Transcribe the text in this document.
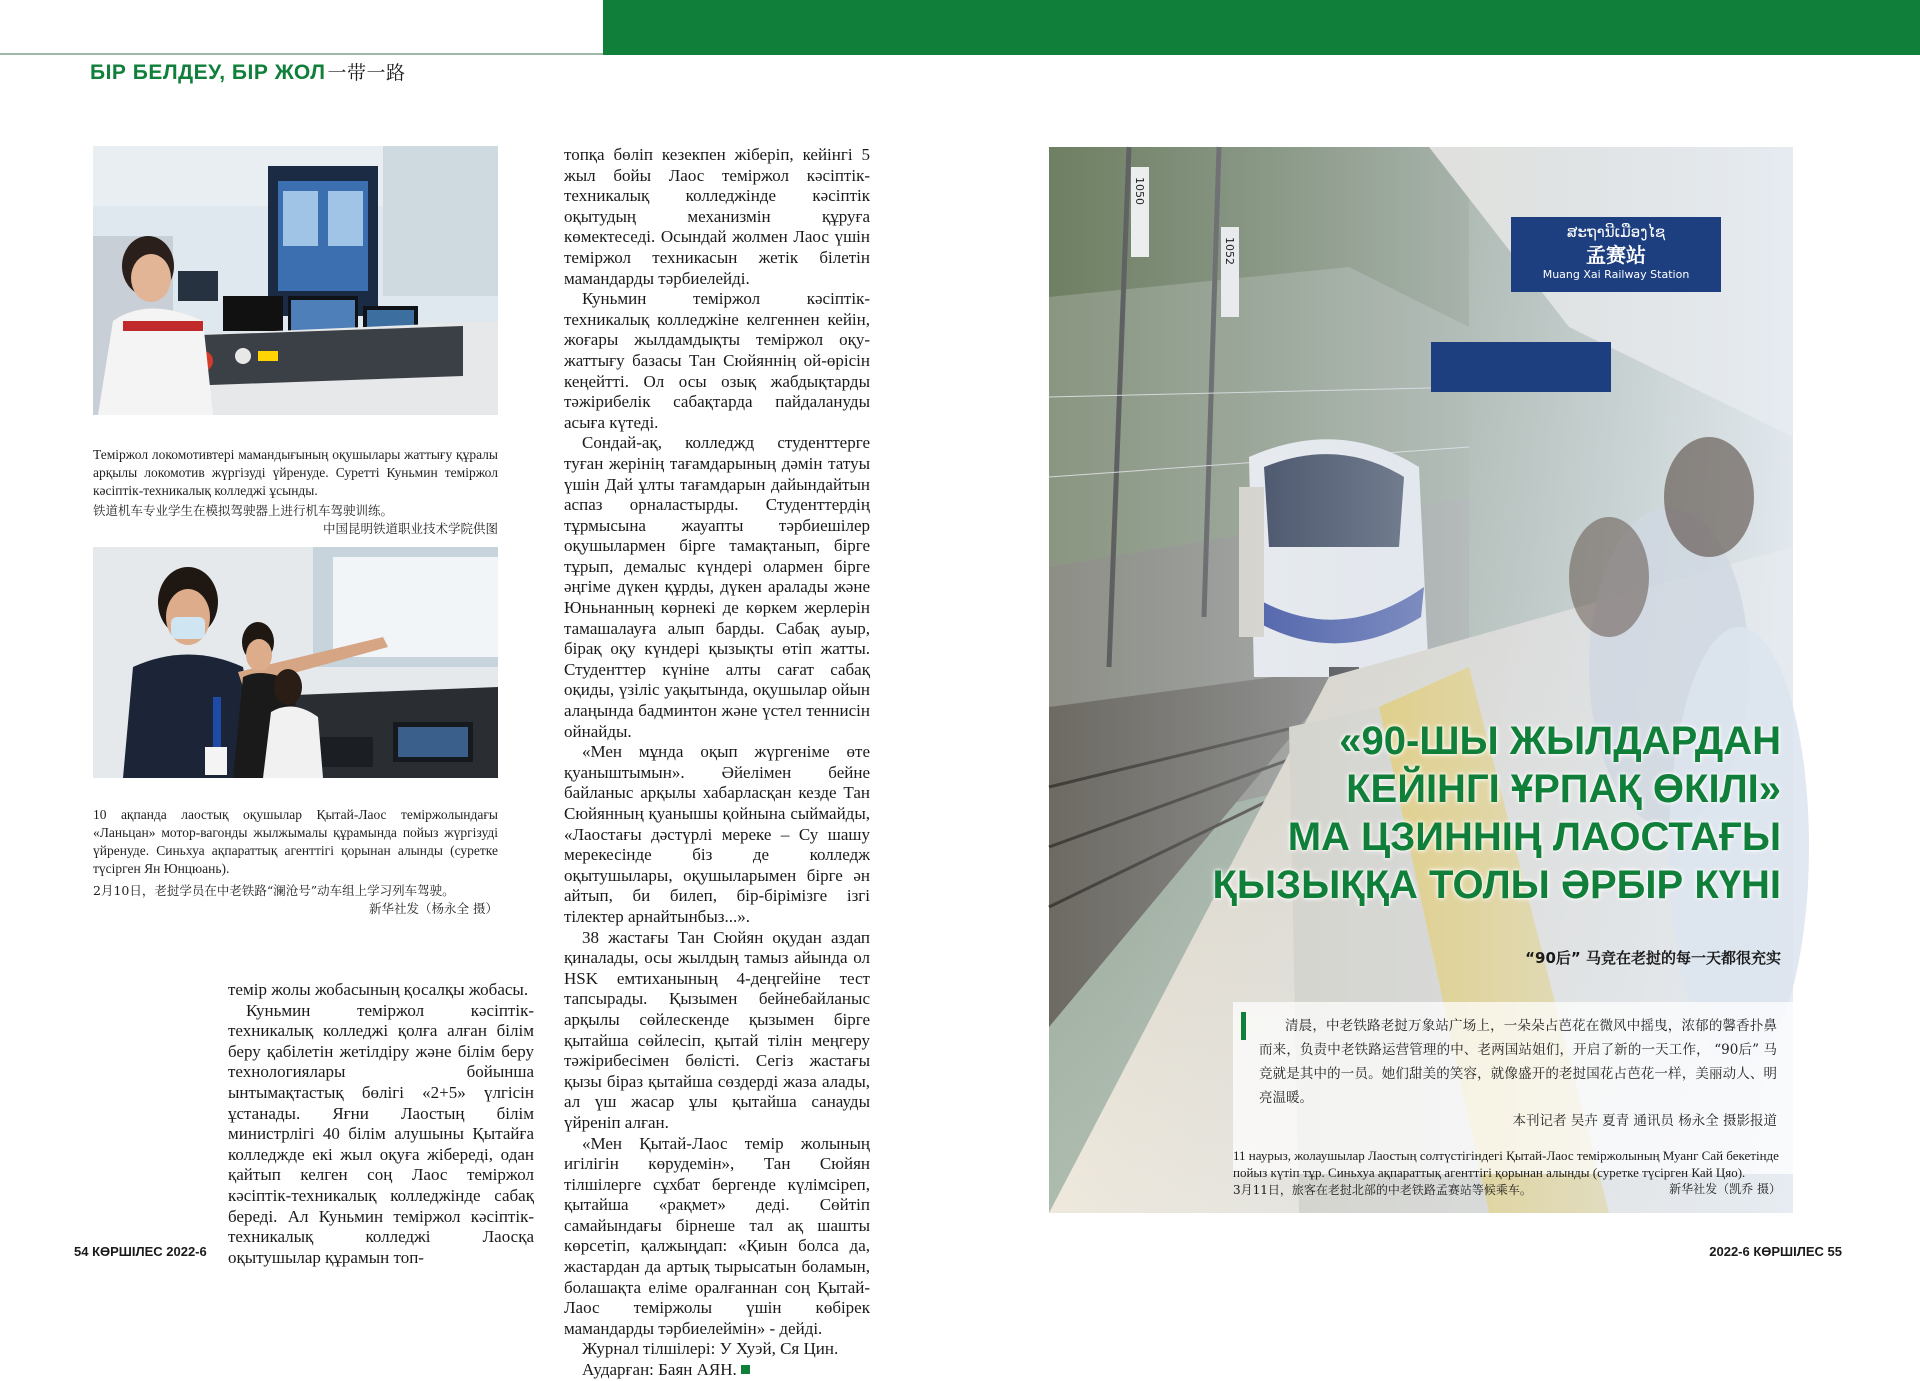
БІР БЕЛДЕУ, БІР ЖОЛ 一带一路
Теміржол локомотивтері мамандығының оқушылары жаттығу құралы арқылы локомотив жүргізуді үйренуде. Суретті Куньмин теміржол кәсіптік-техникалық колледжі ұсынды.
铁道机车专业学生在模拟驾驶器上进行机车驾驶训练。
中国昆明铁道职业技术学院供图
10 ақпанда лаостық оқушылар Қытай-Лаос теміржолындағы «Ланьцан» мотор-вагонды жылжымалы құрамында пойыз жүргізуді үйренуде. Синьхуа ақпараттық агенттігі қорынан алынды (суретке түсірген Ян Юнцюань).
2月10日，老挝学员在中老铁路“澜沧号”动车组上学习列车驾驶。
新华社发（杨永全 摄）

темір жолы жобасының қосалқы жобасы.

Куньмин теміржол кәсіптік-техникалық колледжі қолға алған білім беру қабілетін жетілдіру және білім беру технологиялары бойынша ынтымақтастық бөлігі «2+5» үлгісін ұстанады. Яғни Лаостың білім министрлігі 40 білім алушыны Қытайға колледжде екі жыл оқуға жібереді, одан қайтып келген соң Лаос теміржол кәсіптік-техникалық колледжінде сабақ береді. Ал Куньмин теміржол кәсіптік-техникалық колледжі Лаосқа оқытушылар құрамын топ-

топқа бөліп кезекпен жіберіп, кейінгі 5 жыл бойы Лаос теміржол кәсіптік-техникалық колледжінде кәсіптік оқытудың механизмін құруға көмектеседі. Осындай жолмен Лаос үшін теміржол техникасын жетік білетін мамандарды тәрбиелейді.

Куньмин теміржол кәсіптік-техникалық колледжіне келгеннен кейін, жоғары жылдамдықты теміржол оқу-жаттығу базасы Тан Сюйяннің ой-өрісін кеңейтті. Ол осы озық жабдықтарды тәжірибелік сабақтарда пайдалануды асыға күтеді.

Сондай-ақ, колледжд студенттерге туған жерінің тағамдарының дәмін татуы үшін Дай ұлты тағамдарын дайындайтын аспаз орналастырды. Студенттердің тұрмысына жауапты тәрбиешілер оқушылармен бірге тамақтанып, бірге тұрып, демалыс күндері олармен бірге әңгіме дүкен құрды, дүкен аралады және Юньнанның көрнекі де көркем жерлерін тамашалауға алып барды. Сабақ ауыр, бірақ оқу күндері қызықты өтіп жатты. Студенттер күніне алты сағат сабақ оқиды, үзіліс уақытында, оқушылар ойын алаңында бадминтон және үстел теннисін ойнайды.

«Мен мұнда оқып жүргеніме өте қуаныштымын». Әйелімен бейне байланыс арқылы хабарласқан кезде Тан Сюйянның қуанышы қойнына сыймайды, «Лаостағы дәстүрлі мереке – Су шашу мерекесінде біз де колледж оқытушылары, оқушыларымен бірге ән айтып, би билеп, бір-бірімізге ізгі тілектер арнайтынбыз...».

38 жастағы Тан Сюйян оқудан аздап қиналады, осы жылдың тамыз айында ол HSK емтиханының 4-деңгейіне тест тапсырады. Қызымен бейнебайланыс арқылы сөйлескенде қызымен бірге қытайша сөйлесіп, қытай тілін меңгеру тәжірибесімен бөлісті. Сегіз жастағы қызы біраз қытайша сөздерді жаза алады, ал үш жасар ұлы қытайша санауды үйреніп алған.

«Мен Қытай-Лаос темір жолының игілігін көрудемін», Тан Сюйян тілшілерге сұхбат бергенде күлімсіреп, қытайша «рақмет» деді. Сөйтіп самайындағы бірнеше тал ақ шашты көрсетіп, қалжыңдап: «Қиын болса да, жастардан да артық тырысатын боламын, болашақта еліме оралғаннан соң Қытай-Лаос теміржолы үшін көбірек мамандарды тәрбиелеймін» - дейді.

Журнал тілшілері: У Хуэй, Ся Цин.

Аударған: Баян АЯН.

ສະຖານີເມືອງໄຊ
孟赛站
Muang Xai Railway Station
1050
1052
«90-ШЫ ЖЫЛДАРДАН
КЕЙІНГІ ҰРПАҚ ӨКІЛІ»
МА ЦЗИННІҢ ЛАОСТАҒЫ
ҚЫЗЫҚҚА ТОЛЫ ӘРБІР КҮНІ
“90后” 马竞在老挝的每一天都很充实
清晨，中老铁路老挝万象站广场上，一朵朵占芭花在微风中摇曳，浓郁的馨香扑鼻而来，负责中老铁路运营管理的中、老两国站姐们，开启了新的一天工作， “90后” 马竞就是其中的一员。她们甜美的笑容，就像盛开的老挝国花占芭花一样，美丽动人、明亮温暖。
本刊记者 吴卉 夏青 通讯员 杨永全 摄影报道
11 наурыз, жолаушылар Лаостың солтүстігіндегі Қытай-Лаос теміржолының Муанг Сай бекетінде пойыз күтіп тұр. Синьхуа ақпараттық агенттігі қорынан алынды (суретке түсірген Кай Цяо).
3月11日，旅客在老挝北部的中老铁路孟赛站等候乘车。	新华社发（凯乔 摄）
54 КӨРШІЛЕС 2022-6	2022-6 КӨРШІЛЕС 55
